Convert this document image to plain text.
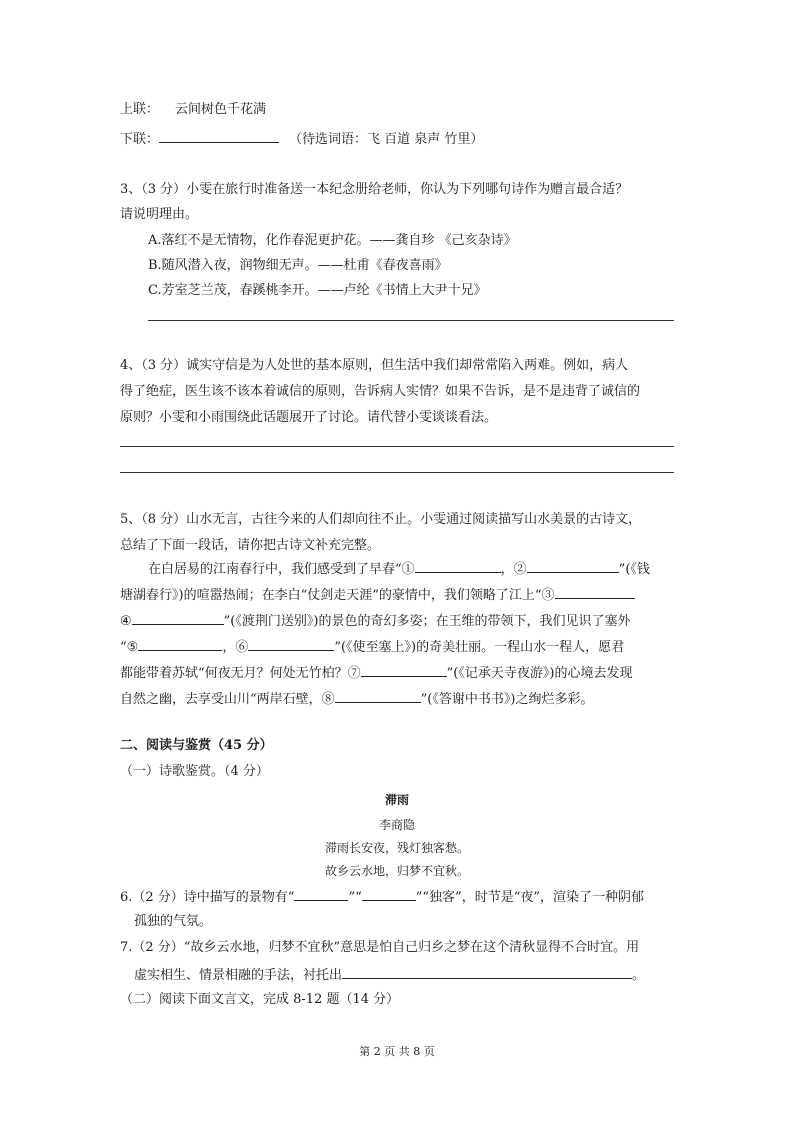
上联： 云间树色千花满
下联：	（待选词语：飞 百道 泉声 竹里）
3、（3 分）小雯在旅行时准备送一本纪念册给老师，你认为下列哪句诗作为赠言最合适？
请说明理由。
A.落红不是无情物，化作春泥更护花。——龚自珍 《己亥杂诗》
B.随风潜入夜，润物细无声。——杜甫《春夜喜雨》
C.芳室芝兰茂，春蹊桃李开。——卢纶《书情上大尹十兄》
4、（3 分）诚实守信是为人处世的基本原则，但生活中我们却常常陷入两难。例如，病人
得了绝症，医生该不该本着诚信的原则，告诉病人实情？如果不告诉，是不是违背了诚信的
原则？小雯和小雨围绕此话题展开了讨论。请代替小雯谈谈看法。
5、（8 分）山水无言，古往今来的人们却向往不止。小雯通过阅读描写山水美景的古诗文，
总结了下面一段话，请你把古诗文补充完整。
在白居易的江南春行中，我们感受到了早春“①	，②	”(《钱
塘湖春行》)的喧嚣热闹；在李白“仗剑走天涯”的豪情中，我们领略了江上“③
④	”(《渡荆门送别》)的景色的奇幻多姿；在王维的带领下，我们见识了塞外
“⑤	，⑥	”(《使至塞上》)的奇美壮丽。一程山水一程人，愿君
都能带着苏轼“何夜无月？何处无竹柏？⑦	”(《记承天寺夜游》)的心境去发现
自然之幽，去享受山川“两岸石壁，⑧	”(《答谢中书书》)之绚烂多彩。
二、阅读与鉴赏（45 分）
（一）诗歌鉴赏。（4 分）
滞雨
李商隐
滞雨长安夜，残灯独客愁。
故乡云水地，归梦不宜秋。
6.（2 分）诗中描写的景物有“	”“	”“独客”，时节是“夜”，渲染了一种阴郁
孤独的气氛。
7.（2 分）“故乡云水地，归梦不宜秋”意思是怕自己归乡之梦在这个清秋显得不合时宜。用
虚实相生、情景相融的手法，衬托出	。
（二）阅读下面文言文，完成 8-12 题（14 分）
第 2 页 共 8 页
